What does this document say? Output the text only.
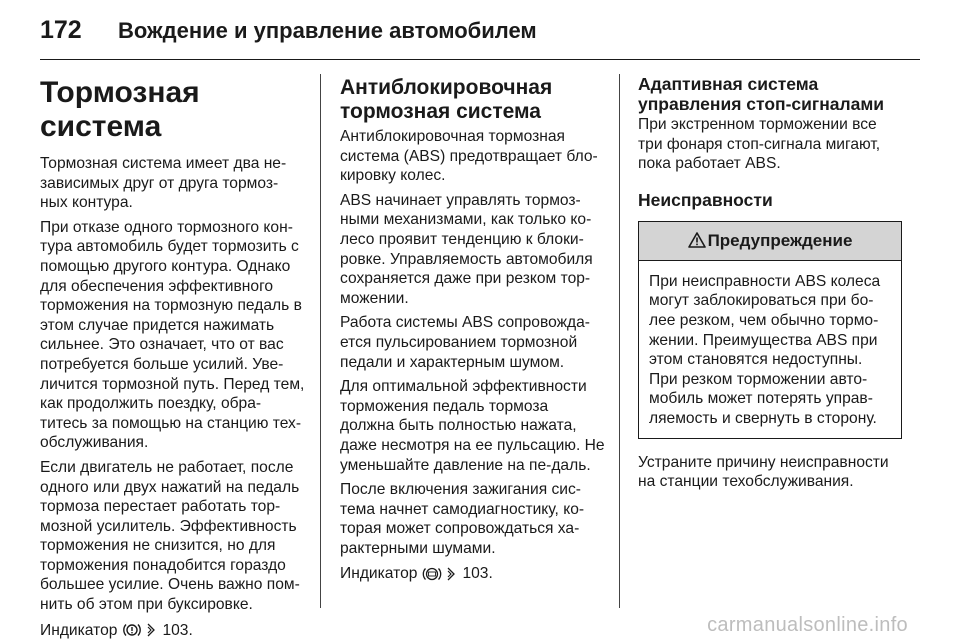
172	Вождение и управление автомобилем
Тормозная система

Тормозная система имеет два не-зависимых друг от друга тормоз-ных контура.

При отказе одного тормозного кон-тура автомобиль будет тормозить с помощью другого контура. Однако для обеспечения эффективного торможения на тормозную педаль в этом случае придется нажимать сильнее. Это означает, что от вас потребуется больше усилий. Уве-личится тормозной путь. Перед тем, как продолжить поездку, обра-титесь за помощью на станцию тех-обслуживания.

Если двигатель не работает, после одного или двух нажатий на педаль тормоза перестает работать тор-мозной усилитель. Эффективность торможения не снизится, но для торможения понадобится гораздо большее усилие. Очень важно пом-нить об этом при буксировке.

Индикатор	103.
Антиблокировочная тормозная система

Антиблокировочная тормозная система (ABS) предотвращает бло-кировку колес.

ABS начинает управлять тормоз-ными механизмами, как только ко-лесо проявит тенденцию к блоки-ровке. Управляемость автомобиля сохраняется даже при резком тор-можении.

Работа системы ABS сопровожда-ется пульсированием тормозной педали и характерным шумом.

Для оптимальной эффективности торможения педаль тормоза должна быть полностью нажата, даже несмотря на ее пульсацию. Не уменьшайте давление на пе-даль.

После включения зажигания сис-тема начнет самодиагностику, ко-торая может сопровождаться ха-рактерными шумами.

Индикатор	103.
Адаптивная система управления стоп-сигналами

При экстренном торможении все три фонаря стоп-сигнала мигают, пока работает ABS.

Неисправности
Предупреждение
При неисправности ABS колеса могут заблокироваться при бо-лее резком, чем обычно тормо-жении. Преимущества ABS при этом становятся недоступны. При резком торможении авто-мобиль может потерять управ-ляемость и свернуть в сторону.

Устраните причину неисправности на станции техобслуживания.

carmanualsonline.info
